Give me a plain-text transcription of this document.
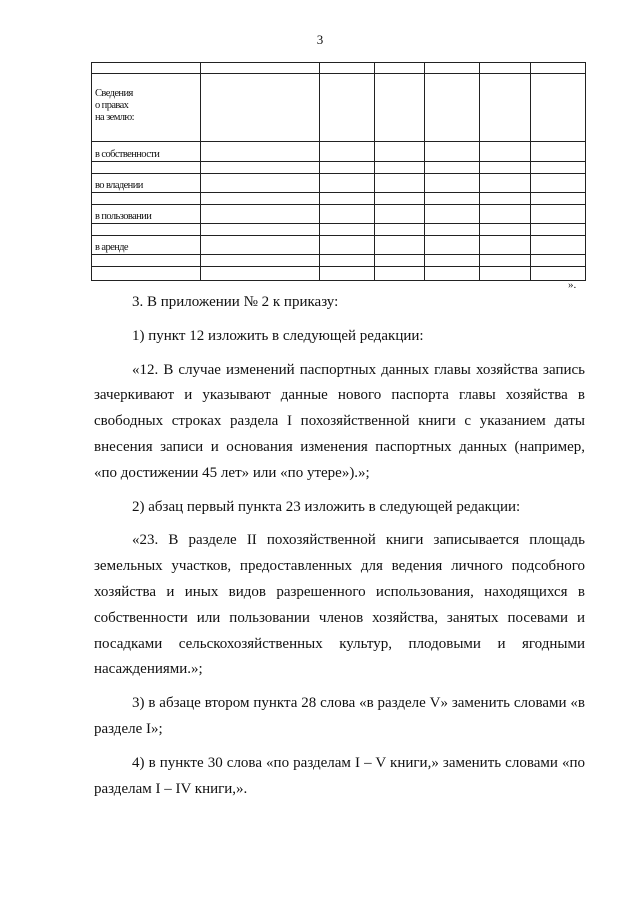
3

Сведения
о правах
на землю:						

в собственности						

во владении						

в пользовании						

в аренде						

».

3. В приложении № 2 к приказу:

1) пункт 12 изложить в следующей редакции:

«12. В случае изменений паспортных данных главы хозяйства запись зачеркивают и указывают данные нового паспорта главы хозяйства в свободных строках раздела I похозяйственной книги с указанием даты внесения записи и основания изменения паспортных данных (например, «по достижении 45 лет» или «по утере»).»;

2) абзац первый пункта 23 изложить в следующей редакции:

«23. В разделе II похозяйственной книги записывается площадь земельных участков, предоставленных для ведения личного подсобного хозяйства и иных видов разрешенного использования, находящихся в собственности или пользовании членов хозяйства, занятых посевами и посадками сельскохозяйственных культур, плодовыми и ягодными насаждениями.»;

3) в абзаце втором пункта 28 слова «в разделе V» заменить словами «в разделе I»;

4) в пункте 30 слова «по разделам I – V книги,» заменить словами «по разделам I – IV книги,».
